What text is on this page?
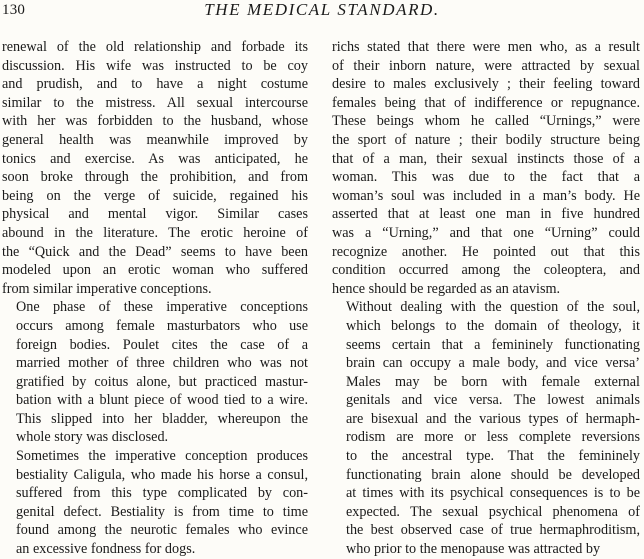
130	THE MEDICAL STANDARD.
renewal of the old relationship and forbade its
discussion. His wife was instructed to be coy
and prudish, and to have a night costume
similar to the mistress. All sexual intercourse
with her was forbidden to the husband, whose
general health was meanwhile improved by
tonics and exercise. As was anticipated, he
soon broke through the prohibition, and from
being on the verge of suicide, regained his
physical and mental vigor. Similar cases
abound in the literature. The erotic heroine of
the “Quick and the Dead” seems to have been
modeled upon an erotic woman who suffered
from similar imperative conceptions.
One phase of these imperative conceptions
occurs among female masturbators who use
foreign bodies. Poulet cites the case of a
married mother of three children who was not
gratified by coitus alone, but practiced mastur-
bation with a blunt piece of wood tied to a wire.
This slipped into her bladder, whereupon the
whole story was disclosed.
Sometimes the imperative conception produces
bestiality Caligula, who made his horse a consul,
suffered from this type complicated by con-
genital defect. Bestiality is from time to time
found among the neurotic females who evince
an excessive fondness for dogs.
richs stated that there were men who, as a result
of their inborn nature, were attracted by sexual
desire to males exclusively ; their feeling toward
females being that of indifference or repugnance.
These beings whom he called “Urnings,” were
the sport of nature ; their bodily structure being
that of a man, their sexual instincts those of a
woman. This was due to the fact that a
woman’s soul was included in a man’s body. He
asserted that at least one man in five hundred
was a “Urning,” and that one “Urning” could
recognize another. He pointed out that this
condition occurred among the coleoptera, and
hence should be regarded as an atavism.
Without dealing with the question of the soul,
which belongs to the domain of theology, it
seems certain that a femininely functionating
brain can occupy a male body, and vice versa’
Males may be born with female external
genitals and vice versa. The lowest animals
are bisexual and the various types of hermaph-
rodism are more or less complete reversions
to the ancestral type. That the femininely
functionating brain alone should be developed
at times with its psychical consequences is to be
expected. The sexual psychical phenomena of
the best observed case of true hermaphroditism,
who prior to the menopause was attracted by
